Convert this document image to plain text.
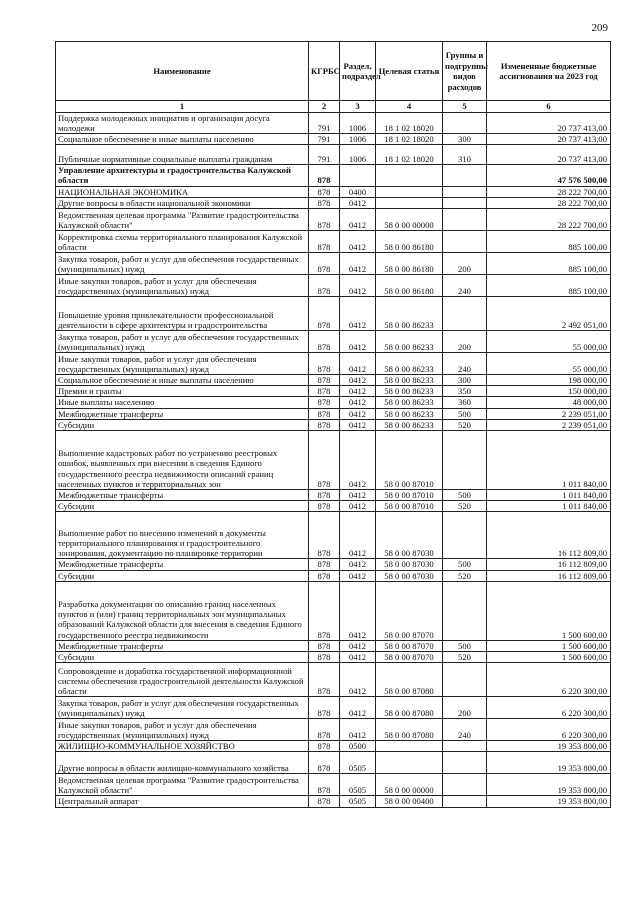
209
Наименование	КГРБС	Раздел, подраздел	Целевая статья	Группы и подгруппы видов расходов	Измененные бюджетные ассигнования на 2023 год
1	2	3	4	5	6
Поддержка молодежных инициатив и организация досуга молодежи	791	1006	18 1 02 18020		20 737 413,00
Социальное обеспечение и иные выплаты населению	791	1006	18 1 02 18020	300	20 737 413,00
Публичные нормативные социальные выплаты гражданам	791	1006	18 1 02 18020	310	20 737 413,00
Управление архитектуры и градостроительства Калужской области	878				47 576 500,00
НАЦИОНАЛЬНАЯ ЭКОНОМИКА	878	0400			28 222 700,00
Другие вопросы в области национальной экономики	878	0412			28 222 700,00
Ведомственная целевая программа "Развитие градостроительства Калужской области"	878	0412	58 0 00 00000		28 222 700,00
Корректировка схемы территориального планирования Калужской области	878	0412	58 0 00 86180		885 100,00
Закупка товаров, работ и услуг для обеспечения государственных (муниципальных) нужд	878	0412	58 0 00 86180	200	885 100,00
Иные закупки товаров, работ и услуг для обеспечения государственных (муниципальных) нужд	878	0412	58 0 00 86180	240	885 100,00
Повышение уровня привлекательности профессиональной деятельности в сфере архитектуры и градостроительства	878	0412	58 0 00 86233		2 492 051,00
Закупка товаров, работ и услуг для обеспечения государственных (муниципальных) нужд	878	0412	58 0 00 86233	200	55 000,00
Иные закупки товаров, работ и услуг для обеспечения государственных (муниципальных) нужд	878	0412	58 0 00 86233	240	55 000,00
Социальное обеспечение и иные выплаты населению	878	0412	58 0 00 86233	300	198 000,00
Премии и гранты	878	0412	58 0 00 86233	350	150 000,00
Иные выплаты населению	878	0412	58 0 00 86233	360	48 000,00
Межбюджетные трансферты	878	0412	58 0 00 86233	500	2 239 051,00
Субсидии	878	0412	58 0 00 86233	520	2 239 051,00
Выполнение кадастровых работ по устранению реестровых ошибок, выявленных при внесении в сведения Единого государственного реестра недвижимости описаний границ населенных пунктов и территориальных зон	878	0412	58 0 00 87010		1 011 840,00
Межбюджетные трансферты	878	0412	58 0 00 87010	500	1 011 840,00
Субсидии	878	0412	58 0 00 87010	520	1 011 840,00
Выполнение работ по внесению изменений в документы территориального планирования и градостроительного зонирования, документацию по планировке территории	878	0412	58 0 00 87030		16 112 809,00
Межбюджетные трансферты	878	0412	58 0 00 87030	500	16 112 809,00
Субсидии	878	0412	58 0 00 87030	520	16 112 809,00
Разработка документации по описанию границ населенных пунктов и (или) границ территориальных зон муниципальных образований Калужской области для внесения в сведения Единого государственного реестра недвижимости	878	0412	58 0 00 87070		1 500 600,00
Межбюджетные трансферты	878	0412	58 0 00 87070	500	1 500 600,00
Субсидии	878	0412	58 0 00 87070	520	1 500 600,00
Сопровождение и доработка государственной информационной системы обеспечения градостроительной деятельности Калужской области	878	0412	58 0 00 87080		6 220 300,00
Закупка товаров, работ и услуг для обеспечения государственных (муниципальных) нужд	878	0412	58 0 00 87080	200	6 220 300,00
Иные закупки товаров, работ и услуг для обеспечения государственных (муниципальных) нужд	878	0412	58 0 00 87080	240	6 220 300,00
ЖИЛИЩНО-КОММУНАЛЬНОЕ ХОЗЯЙСТВО	878	0500			19 353 800,00
Другие вопросы в области жилищно-коммунального хозяйства	878	0505			19 353 800,00
Ведомственная целевая программа "Развитие градостроительства Калужской области"	878	0505	58 0 00 00000		19 353 800,00
Центральный аппарат	878	0505	58 0 00 00400		19 353 800,00
